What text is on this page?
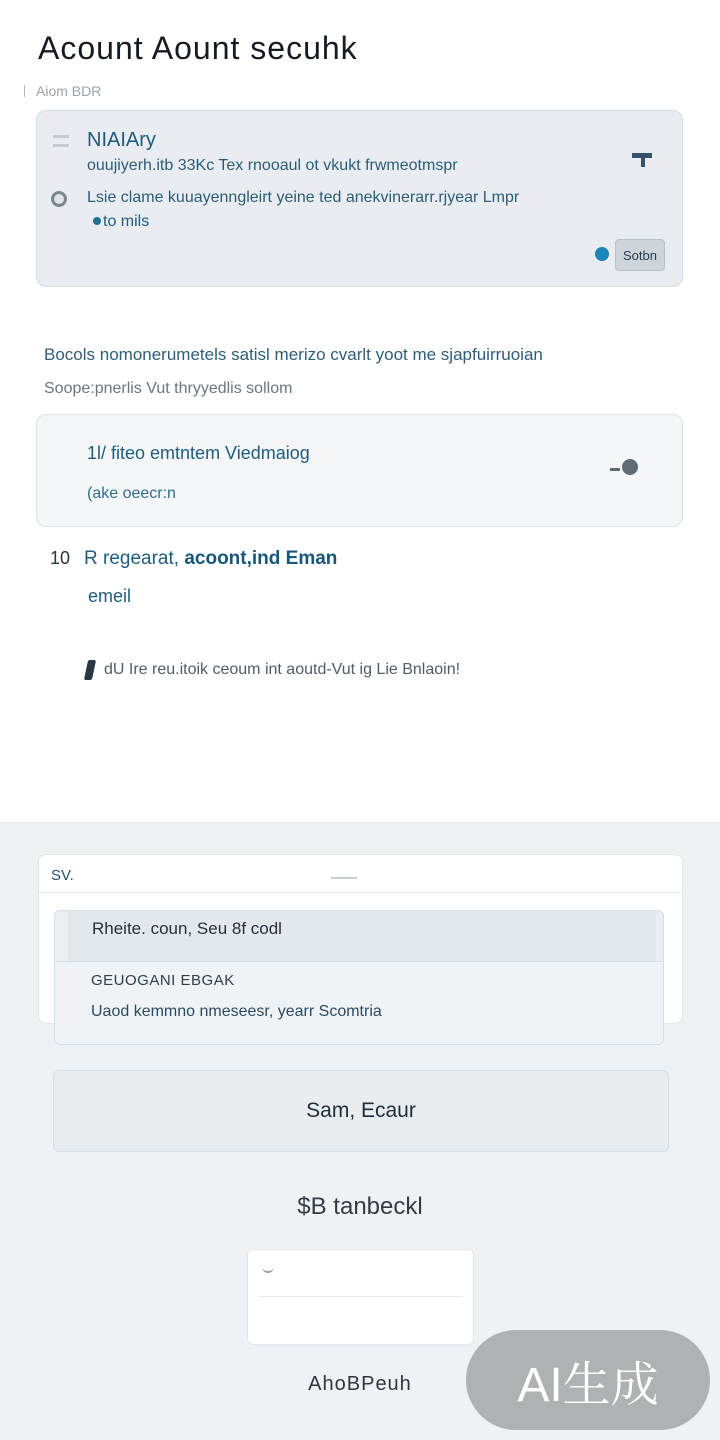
Acount Aount secuhk
Aiom BDR
NIAIAry
ouujiyerh.itb 33Kc Tex rnooaul ot vkukt frwmeotmspr
Lsie clame kuuayenngleirt yeine ted anekvinerarr.rjyear Lmpr
to mils
Sotbn
Bocols nomonerumetels satisl merizo cvarlt yoot me sjapfuirruoian
Soope:pnerlis Vut thryyedlis sollom
1l/ fiteo emtntem Viedmaiog
(ake oeecr:n
10 R regearat, acoont,ind Eman
emeil
dU Ire reu.itoik ceoum int aoutd-Vut ig Lie Bnlaoin!
SV.
Rheite. coun, Seu 8f codl
GEUOGANI EBGAK
Uaod kemmno nmeseesr, yearr Scomtria
Sam, Ecaur
$B tanbeckl
AhoBPeuh	AI生成
